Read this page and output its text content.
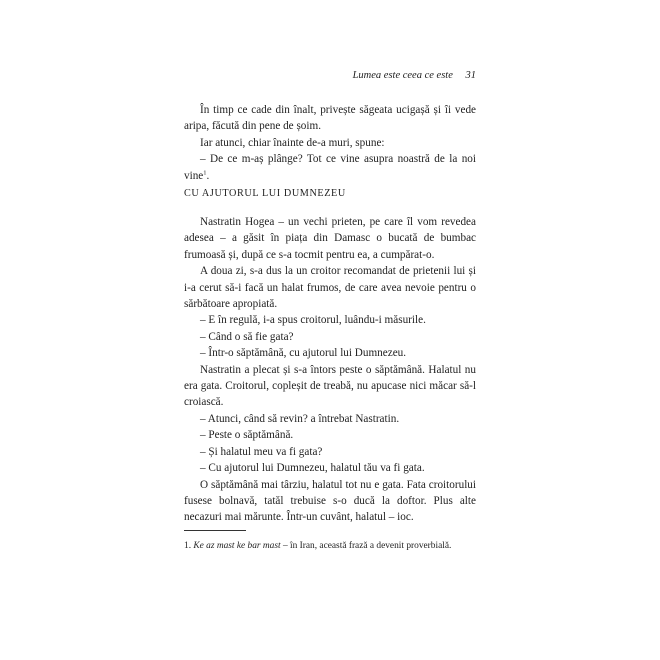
Lumea este ceea ce este 31

În timp ce cade din înalt, privește săgeata ucigașă și îi vede aripa, făcută din pene de șoim.

Iar atunci, chiar înainte de-a muri, spune:

– De ce m-aș plânge? Tot ce vine asupra noastră de la noi vine$^1$.

CU AJUTORUL LUI DUMNEZEU

Nastratin Hogea – un vechi prieten, pe care îl vom revedea adesea – a găsit în piața din Damasc o bucată de bumbac frumoasă și, după ce s-a tocmit pentru ea, a cumpărat-o.

A doua zi, s-a dus la un croitor recomandat de prietenii lui și i-a cerut să-i facă un halat frumos, de care avea nevoie pentru o sărbătoare apropiată.

– E în regulă, i-a spus croitorul, luându-i măsurile.

– Când o să fie gata?

– Într-o săptămână, cu ajutorul lui Dumnezeu.

Nastratin a plecat și s-a întors peste o săptămână. Halatul nu era gata. Croitorul, copleșit de treabă, nu apucase nici măcar să-l croiască.

– Atunci, când să revin? a întrebat Nastratin.

– Peste o săptămână.

– Și halatul meu va fi gata?

– Cu ajutorul lui Dumnezeu, halatul tău va fi gata.

O săptămână mai târziu, halatul tot nu e gata. Fata croitorului fusese bolnavă, tatăl trebuise s-o ducă la doftor. Plus alte necazuri mai mărunte. Într-un cuvânt, halatul – ioc.

1. Ke az mast ke bar mast – în Iran, această frază a devenit proverbială.
